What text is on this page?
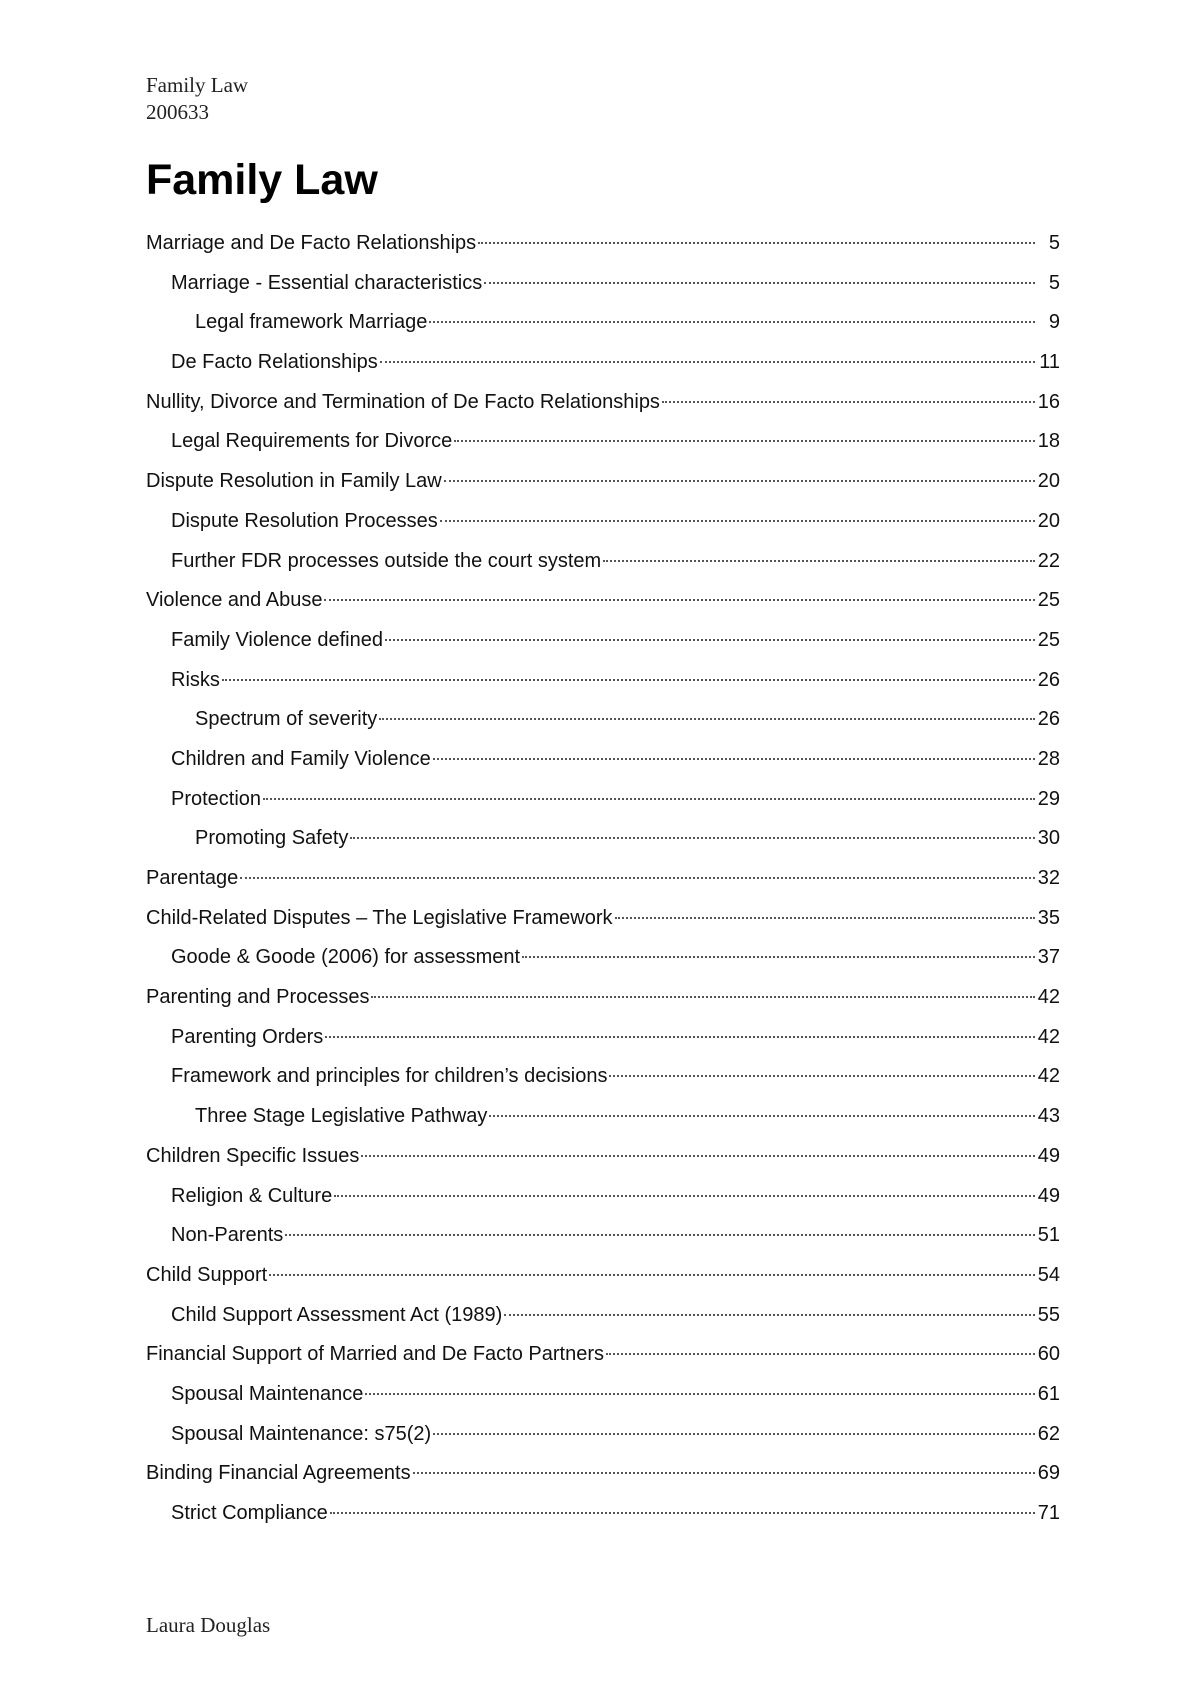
Family Law
200633
Family Law
Marriage and De Facto Relationships	5
Marriage - Essential characteristics	5
Legal framework Marriage	9
De Facto Relationships	11
Nullity, Divorce and Termination of De Facto Relationships	16
Legal Requirements for Divorce	18
Dispute Resolution in Family Law	20
Dispute Resolution Processes	20
Further FDR processes outside the court system	22
Violence and Abuse	25
Family Violence defined	25
Risks	26
Spectrum of severity	26
Children and Family Violence	28
Protection	29
Promoting Safety	30
Parentage	32
Child-Related Disputes – The Legislative Framework	35
Goode & Goode (2006) for assessment	37
Parenting and Processes	42
Parenting Orders	42
Framework and principles for children’s decisions	42
Three Stage Legislative Pathway	43
Children Specific Issues	49
Religion & Culture	49
Non-Parents	51
Child Support	54
Child Support Assessment Act (1989)	55
Financial Support of Married and De Facto Partners	60
Spousal Maintenance	61
Spousal Maintenance: s75(2)	62
Binding Financial Agreements	69
Strict Compliance	71
Laura Douglas
